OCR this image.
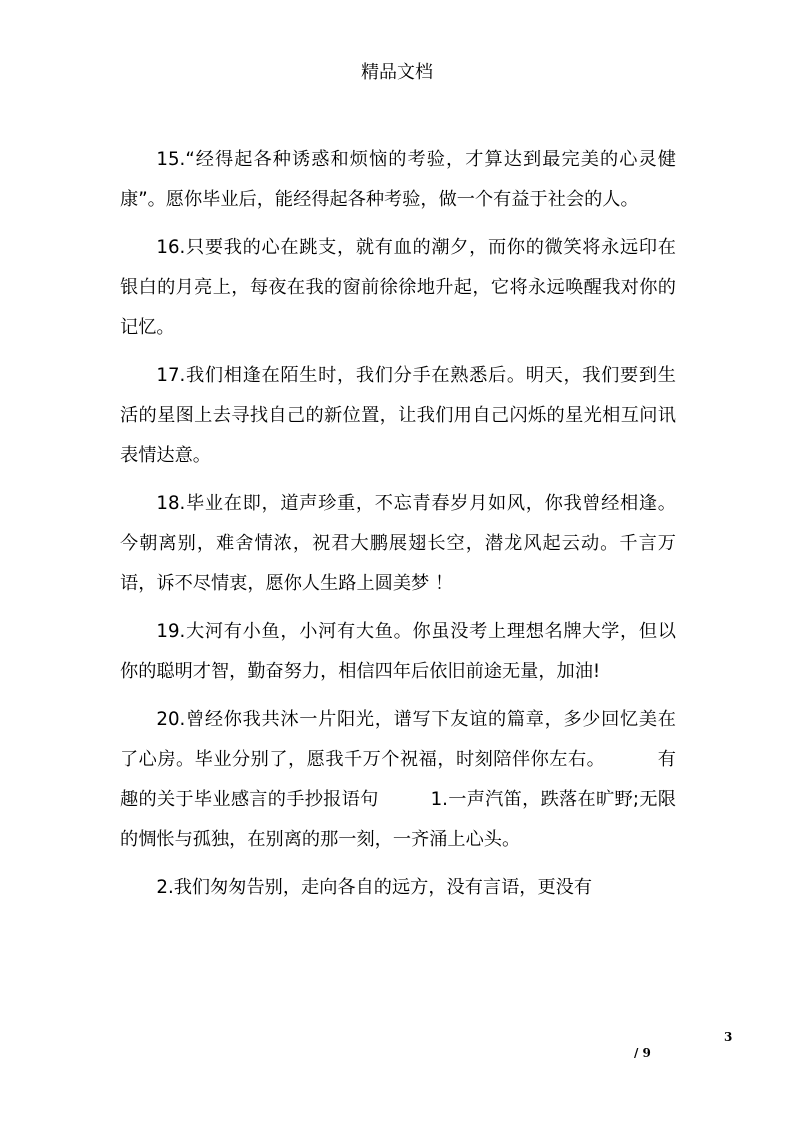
精品文档

15.“经得起各种诱惑和烦恼的考验，才算达到最完美的心灵健康”。愿你毕业后，能经得起各种考验，做一个有益于社会的人。

16.只要我的心在跳支，就有血的潮夕，而你的微笑将永远印在银白的月亮上，每夜在我的窗前徐徐地升起，它将永远唤醒我对你的记忆。

17.我们相逢在陌生时，我们分手在熟悉后。明天，我们要到生活的星图上去寻找自己的新位置，让我们用自己闪烁的星光相互问讯表情达意。

18.毕业在即，道声珍重，不忘青春岁月如风，你我曾经相逢。今朝离别，难舍情浓，祝君大鹏展翅长空，潜龙风起云动。千言万语，诉不尽情衷，愿你人生路上圆美梦 ！

19.大河有小鱼，小河有大鱼。你虽没考上理想名牌大学，但以你的聪明才智，勤奋努力，相信四年后依旧前途无量，加油!

20.曾经你我共沐一片阳光，谱写下友谊的篇章，多少回忆美在了心房。毕业分别了，愿我千万个祝福，时刻陪伴你左右。	有趣的关于毕业感言的手抄报语句	1.一声汽笛，跌落在旷野;无限的惆怅与孤独，在别离的那一刻，一齐涌上心头。

2.我们匆匆告别，走向各自的远方，没有言语，更没有

3
/ 9
